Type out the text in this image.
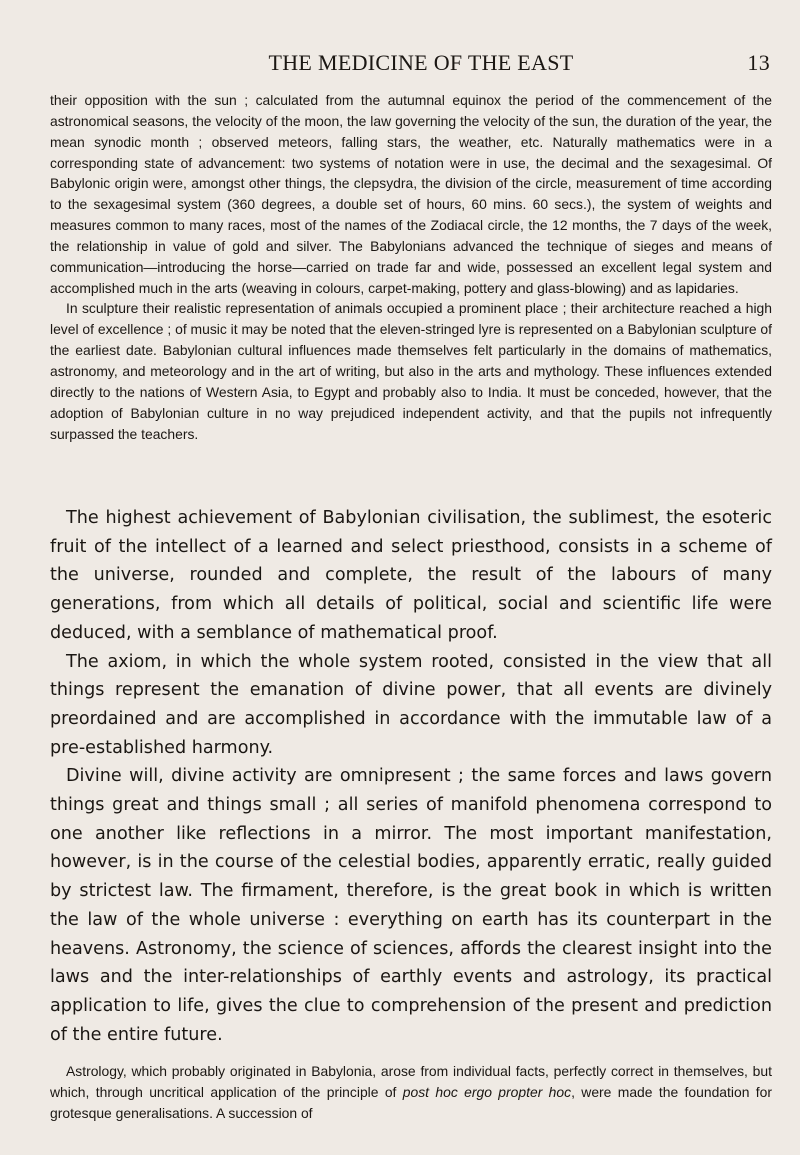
THE MEDICINE OF THE EAST	13

their opposition with the sun ; calculated from the autumnal equinox the period of the commencement of the astronomical seasons, the velocity of the moon, the law governing the velocity of the sun, the duration of the year, the mean synodic month ; observed meteors, falling stars, the weather, etc. Naturally mathematics were in a corresponding state of advancement: two systems of notation were in use, the decimal and the sexagesimal. Of Babylonic origin were, amongst other things, the clepsydra, the division of the circle, measurement of time according to the sexagesimal system (360 degrees, a double set of hours, 60 mins. 60 secs.), the system of weights and measures common to many races, most of the names of the Zodiacal circle, the 12 months, the 7 days of the week, the relationship in value of gold and silver. The Babylonians advanced the technique of sieges and means of communication—introducing the horse—carried on trade far and wide, possessed an excellent legal system and accomplished much in the arts (weaving in colours, carpet-making, pottery and glass-blowing) and as lapidaries.

In sculpture their realistic representation of animals occupied a prominent place ; their architecture reached a high level of excellence ; of music it may be noted that the eleven-stringed lyre is represented on a Babylonian sculpture of the earliest date. Babylonian cultural influences made themselves felt particularly in the domains of mathematics, astronomy, and meteorology and in the art of writing, but also in the arts and mythology. These influences extended directly to the nations of Western Asia, to Egypt and probably also to India. It must be conceded, however, that the adoption of Babylonian culture in no way prejudiced independent activity, and that the pupils not infrequently surpassed the teachers.

The highest achievement of Babylonian civilisation, the sublimest, the esoteric fruit of the intellect of a learned and select priesthood, consists in a scheme of the universe, rounded and complete, the result of the labours of many generations, from which all details of political, social and scientific life were deduced, with a semblance of mathematical proof.

The axiom, in which the whole system rooted, consisted in the view that all things represent the emanation of divine power, that all events are divinely preordained and are accomplished in accordance with the immutable law of a pre-established harmony.

Divine will, divine activity are omnipresent ; the same forces and laws govern things great and things small ; all series of manifold phenomena correspond to one another like reflections in a mirror. The most important manifestation, however, is in the course of the celestial bodies, apparently erratic, really guided by strictest law. The firmament, therefore, is the great book in which is written the law of the whole universe : everything on earth has its counterpart in the heavens. Astronomy, the science of sciences, affords the clearest insight into the laws and the inter-relationships of earthly events and astrology, its practical application to life, gives the clue to comprehension of the present and prediction of the entire future.

Astrology, which probably originated in Babylonia, arose from individual facts, perfectly correct in themselves, but which, through uncritical application of the principle of post hoc ergo propter hoc, were made the foundation for grotesque generalisations. A succession of
